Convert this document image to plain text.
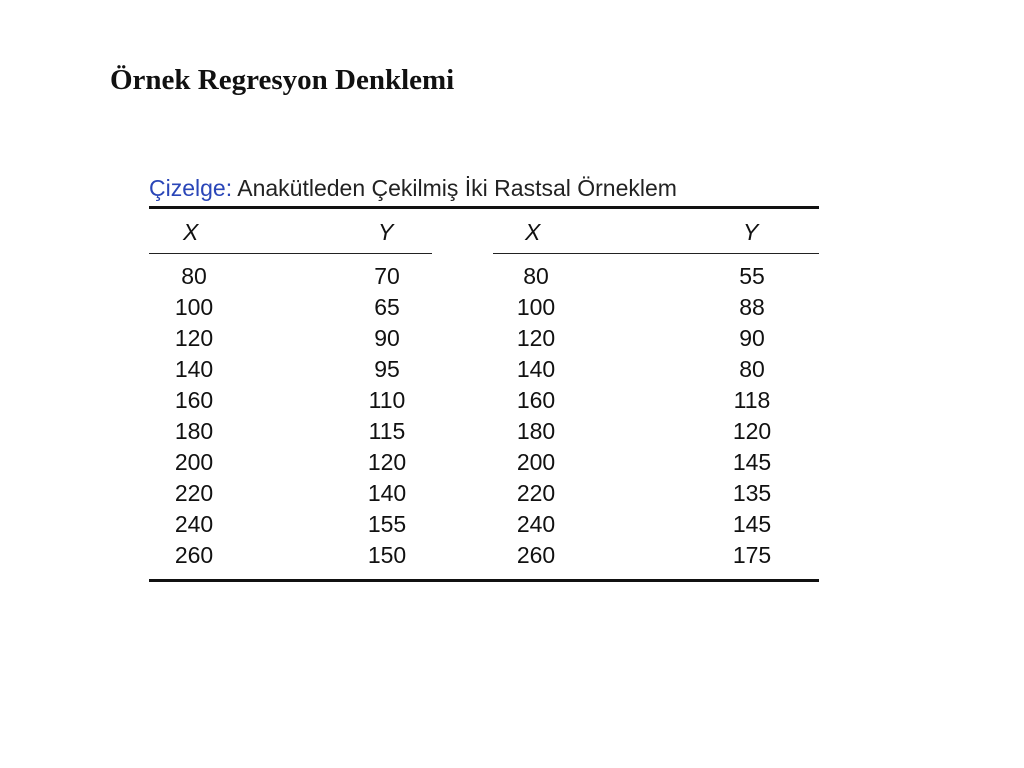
Örnek Regresyon Denklemi
Çizelge: Anakütleden Çekilmiş İki Rastsal Örneklem
X	Y	X	Y
80	70	80	55
100	65	100	88
120	90	120	90
140	95	140	80
160	110	160	118
180	115	180	120
200	120	200	145
220	140	220	135
240	155	240	145
260	150	260	175
